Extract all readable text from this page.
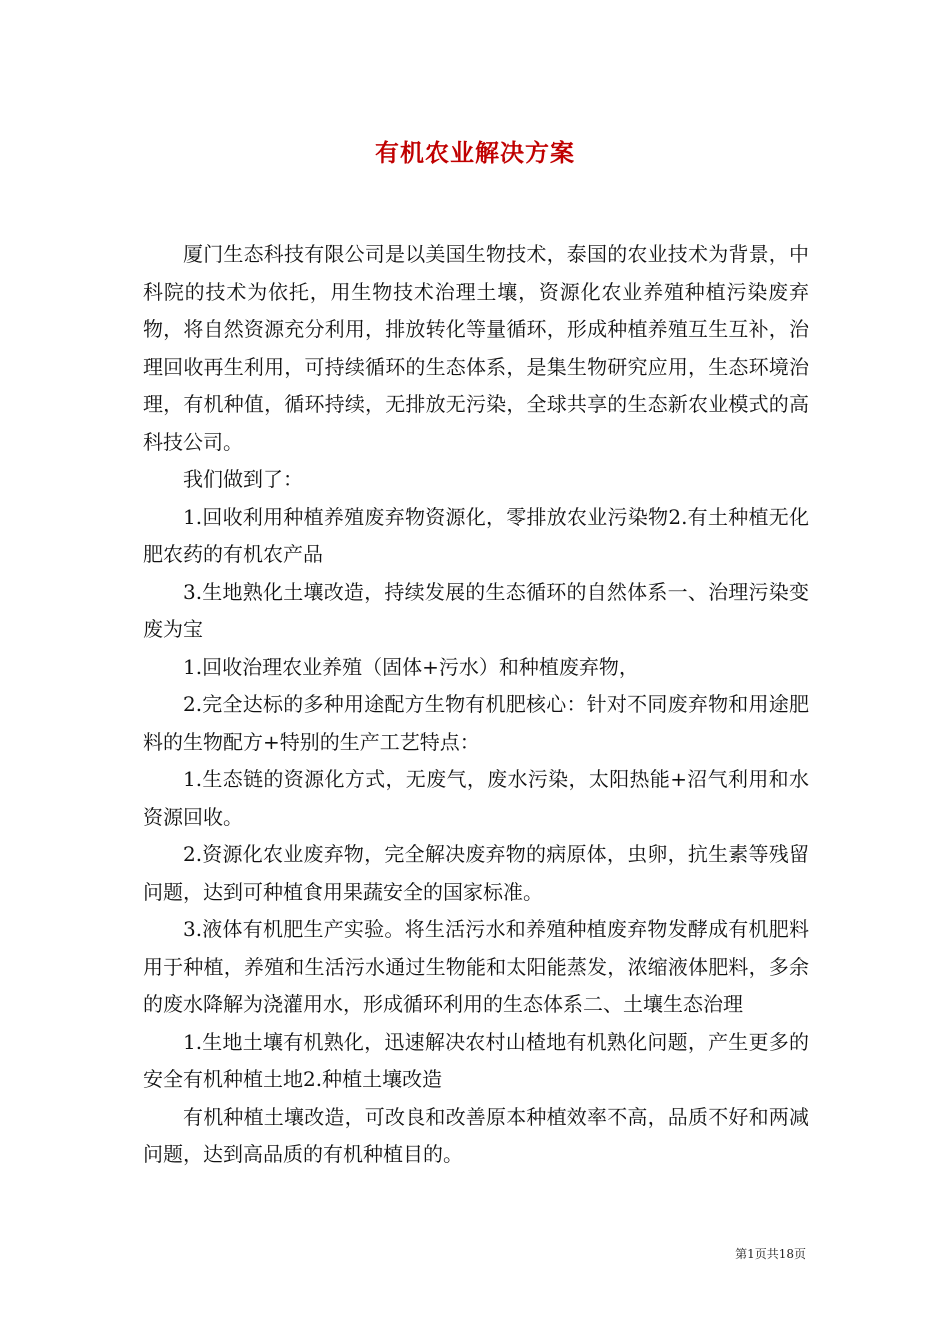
有机农业解决方案

厦门生态科技有限公司是以美国生物技术，泰国的农业技术为背景，中科院的技术为依托，用生物技术治理土壤，资源化农业养殖种植污染废弃物，将自然资源充分利用，排放转化等量循环，形成种植养殖互生互补，治理回收再生利用，可持续循环的生态体系，是集生物研究应用，生态环境治理，有机种值，循环持续，无排放无污染，全球共享的生态新农业模式的高科技公司。

我们做到了：

1.回收利用种植养殖废弃物资源化，零排放农业污染物2.有土种植无化肥农药的有机农产品

3.生地熟化土壤改造，持续发展的生态循环的自然体系一、治理污染变废为宝

1.回收治理农业养殖（固体+污水）和种植废弃物，

2.完全达标的多种用途配方生物有机肥核心：针对不同废弃物和用途肥料的生物配方+特别的生产工艺特点：

1.生态链的资源化方式，无废气，废水污染，太阳热能+沼气利用和水资源回收。

2.资源化农业废弃物，完全解决废弃物的病原体，虫卵，抗生素等残留问题，达到可种植食用果蔬安全的国家标准。

3.液体有机肥生产实验。将生活污水和养殖种植废弃物发酵成有机肥料用于种植，养殖和生活污水通过生物能和太阳能蒸发，浓缩液体肥料，多余的废水降解为浇灌用水，形成循环利用的生态体系二、土壤生态治理

1.生地土壤有机熟化，迅速解决农村山楂地有机熟化问题，产生更多的安全有机种植土地2.种植土壤改造

有机种植土壤改造，可改良和改善原本种植效率不高，品质不好和两减问题，达到高品质的有机种植目的。

第1页共18页
